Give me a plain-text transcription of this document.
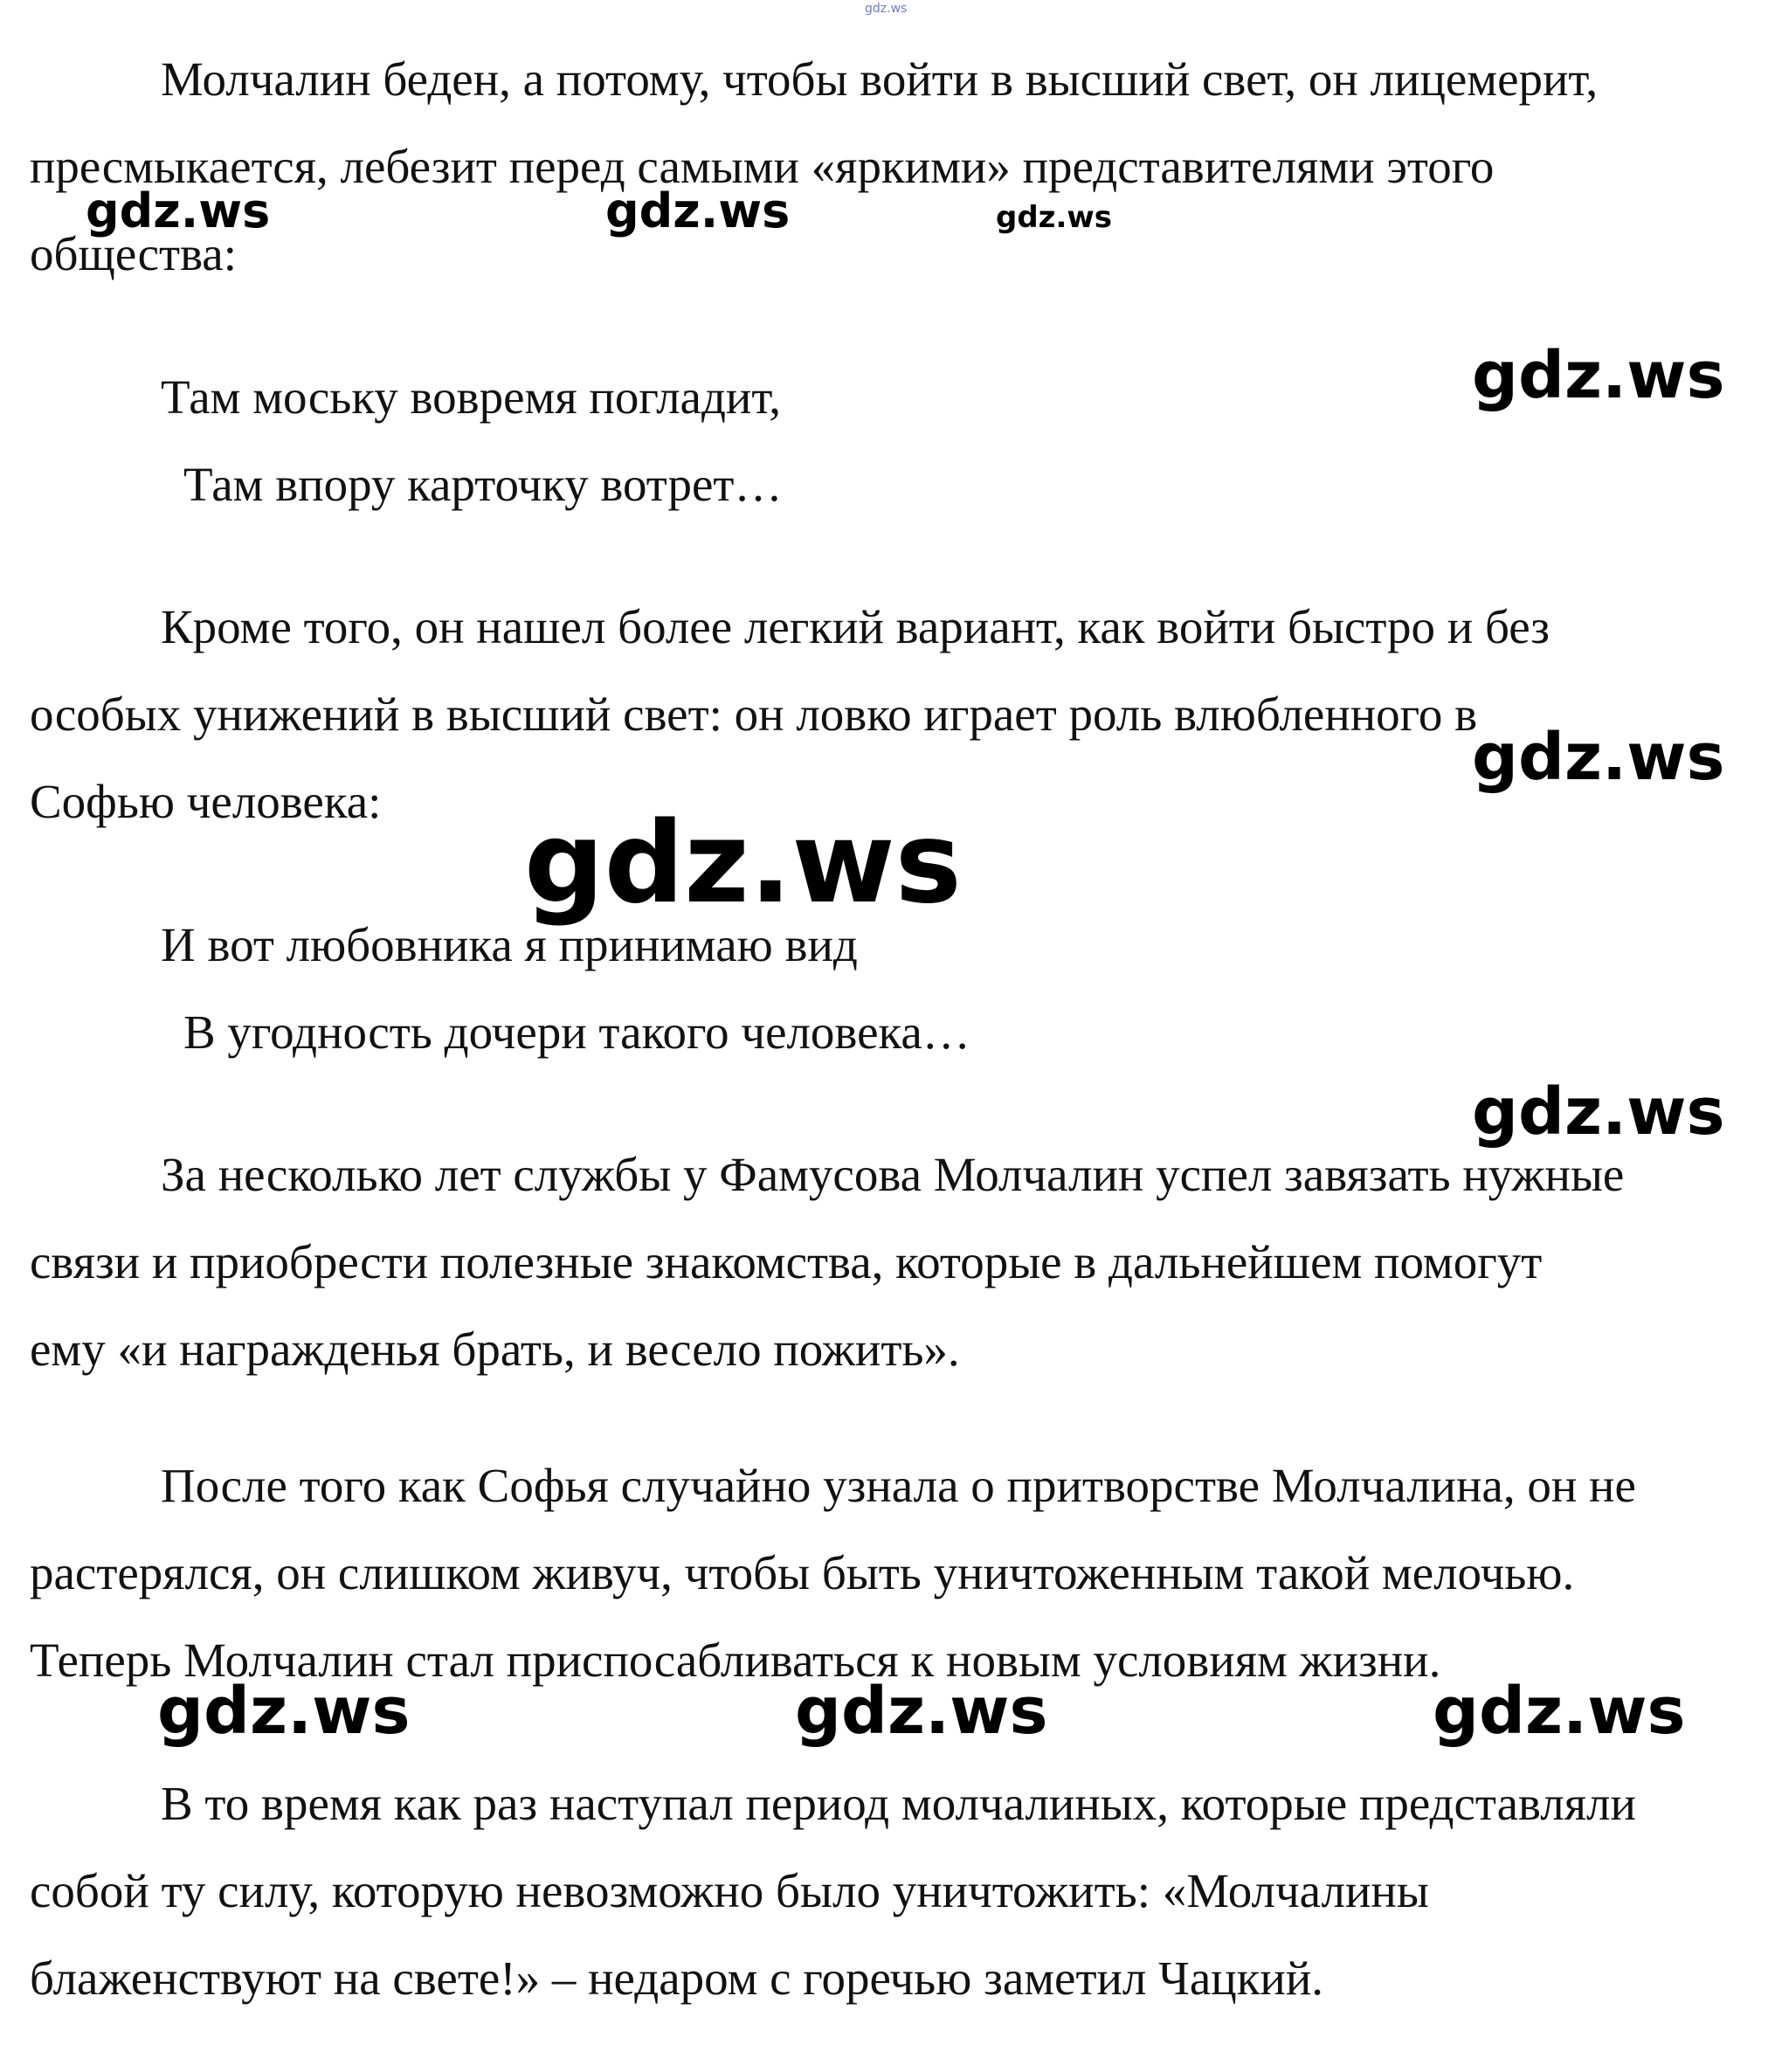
Молчалин беден, а потому, чтобы войти в высший свет, он лицемерит,
пресмыкается, лебезит перед самыми «яркими» представителями этого
общества:
Там моську вовремя погладит,
Там впору карточку вотрет…
Кроме того, он нашел более легкий вариант, как войти быстро и без
особых унижений в высший свет: он ловко играет роль влюбленного в
Софью человека:
И вот любовника я принимаю вид
В угодность дочери такого человека…
За несколько лет службы у Фамусова Молчалин успел завязать нужные
связи и приобрести полезные знакомства, которые в дальнейшем помогут
ему «и награжденья брать, и весело пожить».
После того как Софья случайно узнала о притворстве Молчалина, он не
растерялся, он слишком живуч, чтобы быть уничтоженным такой мелочью.
Теперь Молчалин стал приспосабливаться к новым условиям жизни.
В то время как раз наступал период молчалиных, которые представляли
собой ту силу, которую невозможно было уничтожить: «Молчалины
блаженствуют на свете!» – недаром с горечью заметил Чацкий.
gdz.ws
gdz.ws	gdz.ws	gdz.ws
gdz.ws
gdz.ws
gdz.ws
gdz.ws
gdz.ws	gdz.ws	gdz.ws
